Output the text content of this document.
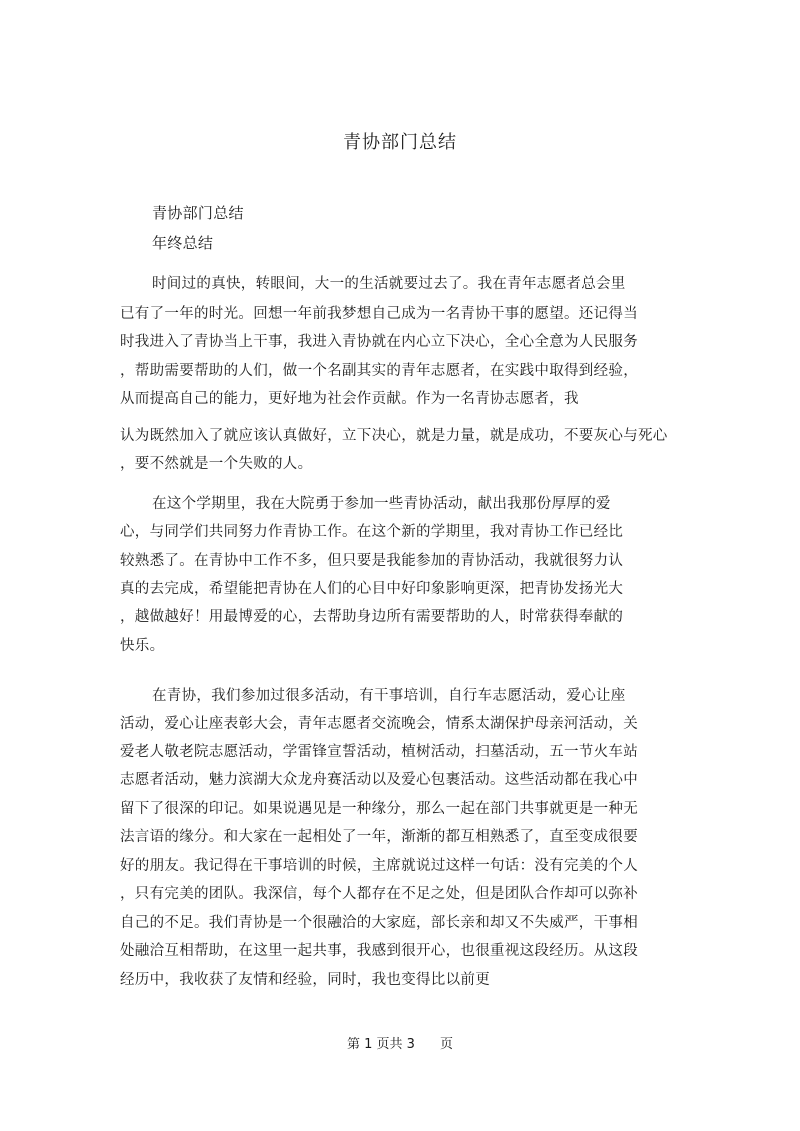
青协部门总结
青协部门总结
年终总结
时间过的真快，转眼间，大一的生活就要过去了。我在青年志愿者总会里
已有了一年的时光。回想一年前我梦想自己成为一名青协干事的愿望。还记得当
时我进入了青协当上干事，我进入青协就在内心立下决心，全心全意为人民服务
，帮助需要帮助的人们，做一个名副其实的青年志愿者，在实践中取得到经验，
从而提高自己的能力，更好地为社会作贡献。作为一名青协志愿者，我
认为既然加入了就应该认真做好，立下决心，就是力量，就是成功，不要灰心与死心
，要不然就是一个失败的人。
在这个学期里，我在大院勇于参加一些青协活动，献出我那份厚厚的爱
心，与同学们共同努力作青协工作。在这个新的学期里，我对青协工作已经比
较熟悉了。在青协中工作不多，但只要是我能参加的青协活动，我就很努力认
真的去完成，希望能把青协在人们的心目中好印象影响更深，把青协发扬光大
，越做越好！用最博爱的心，去帮助身边所有需要帮助的人，时常获得奉献的
快乐。
在青协，我们参加过很多活动，有干事培训，自行车志愿活动，爱心让座
活动，爱心让座表彰大会，青年志愿者交流晚会，情系太湖保护母亲河活动，关
爱老人敬老院志愿活动，学雷锋宣誓活动，植树活动，扫墓活动，五一节火车站
志愿者活动，魅力滨湖大众龙舟赛活动以及爱心包裹活动。这些活动都在我心中
留下了很深的印记。如果说遇见是一种缘分，那么一起在部门共事就更是一种无
法言语的缘分。和大家在一起相处了一年，渐渐的都互相熟悉了，直至变成很要
好的朋友。我记得在干事培训的时候，主席就说过这样一句话：没有完美的个人
，只有完美的团队。我深信，每个人都存在不足之处，但是团队合作却可以弥补
自己的不足。我们青协是一个很融洽的大家庭，部长亲和却又不失威严，干事相
处融洽互相帮助，在这里一起共事，我感到很开心，也很重视这段经历。从这段
经历中，我收获了友情和经验，同时，我也变得比以前更
第 1 页共 3 页
